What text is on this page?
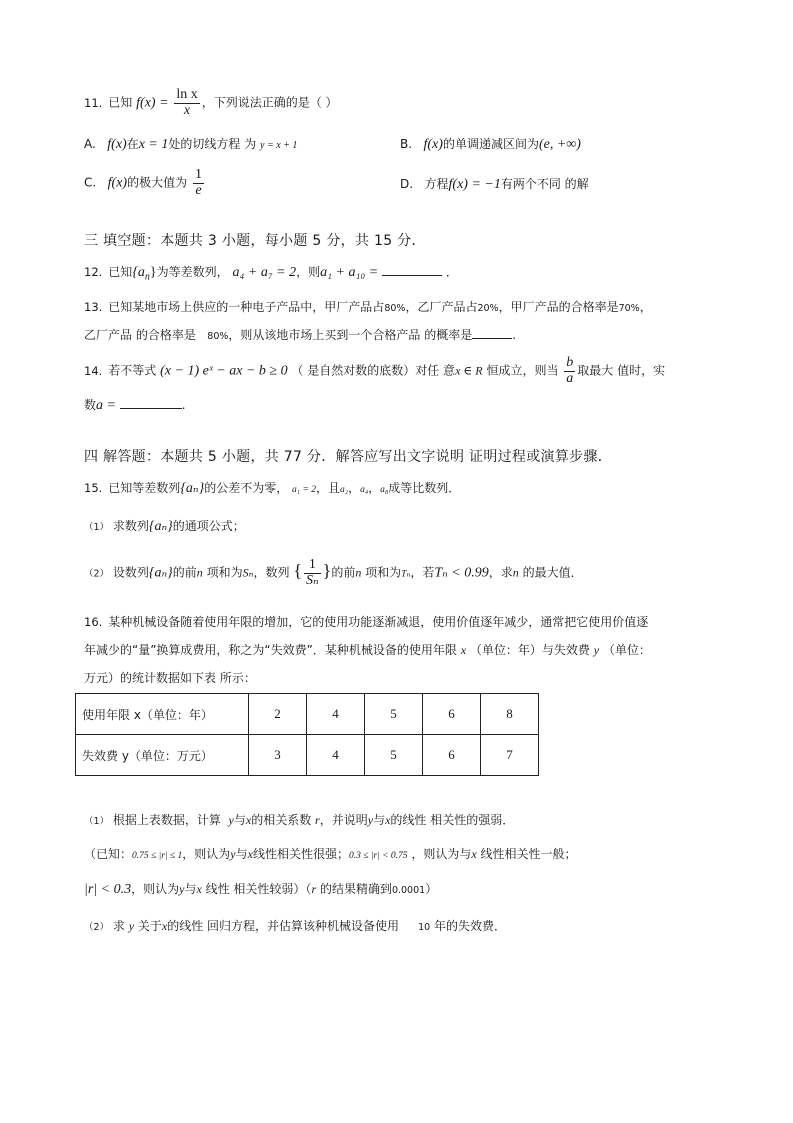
11. 已知 $f(x) = \frac{\text{ln x}}{x}$ ，下列说法正确的是（ ）
A. f(x)在x = 1处的切线方程 为 y = x + 1	B. f(x)的单调递减区间为(e, +∞)
C. f(x)的极大值为 $\frac{1}{e}$	D. 方程f(x) = −1有两个不同 的解
三 填空题：本题共 3 小题，每小题 5 分，共 15 分．
12. 已知$\{a_n\}$为等差数列， a₄ + a₇ = 2，则a₁ + a₁₀ =	．
13. 已知某地市场上供应的一种电子产品中，甲厂产品占80%，乙厂产品占20%，甲厂产品的合格率是70%，
乙厂产品 的合格率是 80%，则从该地市场上买到一个合格产品 的概率是	.
14. 若不等式 (x − 1) eˣ − ax − b ≥ 0 （ 是自然对数的底数）对任 意x ∈ R 恒成立，则当 $\frac{b}{a}$ 取最大 值时，实
数a =	.
四 解答题：本题共 5 小题，共 77 分．解答应写出文字说明 证明过程或演算步骤．
15. 已知等差数列{aₙ}的公差不为零， a₁ = 2，且a₂，a₄，a₈成等比数列．
（1） 求数列{aₙ}的通项公式；
（2） 设数列{aₙ}的前n 项和为Sₙ，数列 { $\frac{1}{\text{Sₙ}}$ }的前n 项和为Tₙ，若Tₙ < 0.99，求n 的最大值．
16. 某种机械设备随着使用年限的增加，它的使用功能逐渐减退，使用价值逐年减少，通常把它使用价值逐
年减少的“量”换算成费用，称之为“失效费”．某种机械设备的使用年限 x （单位：年）与失效费 y （单位：
万元）的统计数据如下表 所示：
使用年限 x（单位：年）	2	4	5	6	8
失效费 y（单位：万元）	3	4	5	6	7
（1） 根据上表数据，计算 y与x的相关系数 r，并说明y与x的线性 相关性的强弱．
（已知：0.75 ≤ |r| ≤ 1，则认为y与x线性相关性很强；0.3 ≤ |r| < 0.75 ，则认为与x 线性相关性一般；
|r| < 0.3，则认为y与x 线性 相关性较弱）（r 的结果精确到0.0001）
（2） 求 y 关于x的线性 回归方程，并估算该种机械设备使用 10 年的失效费．
